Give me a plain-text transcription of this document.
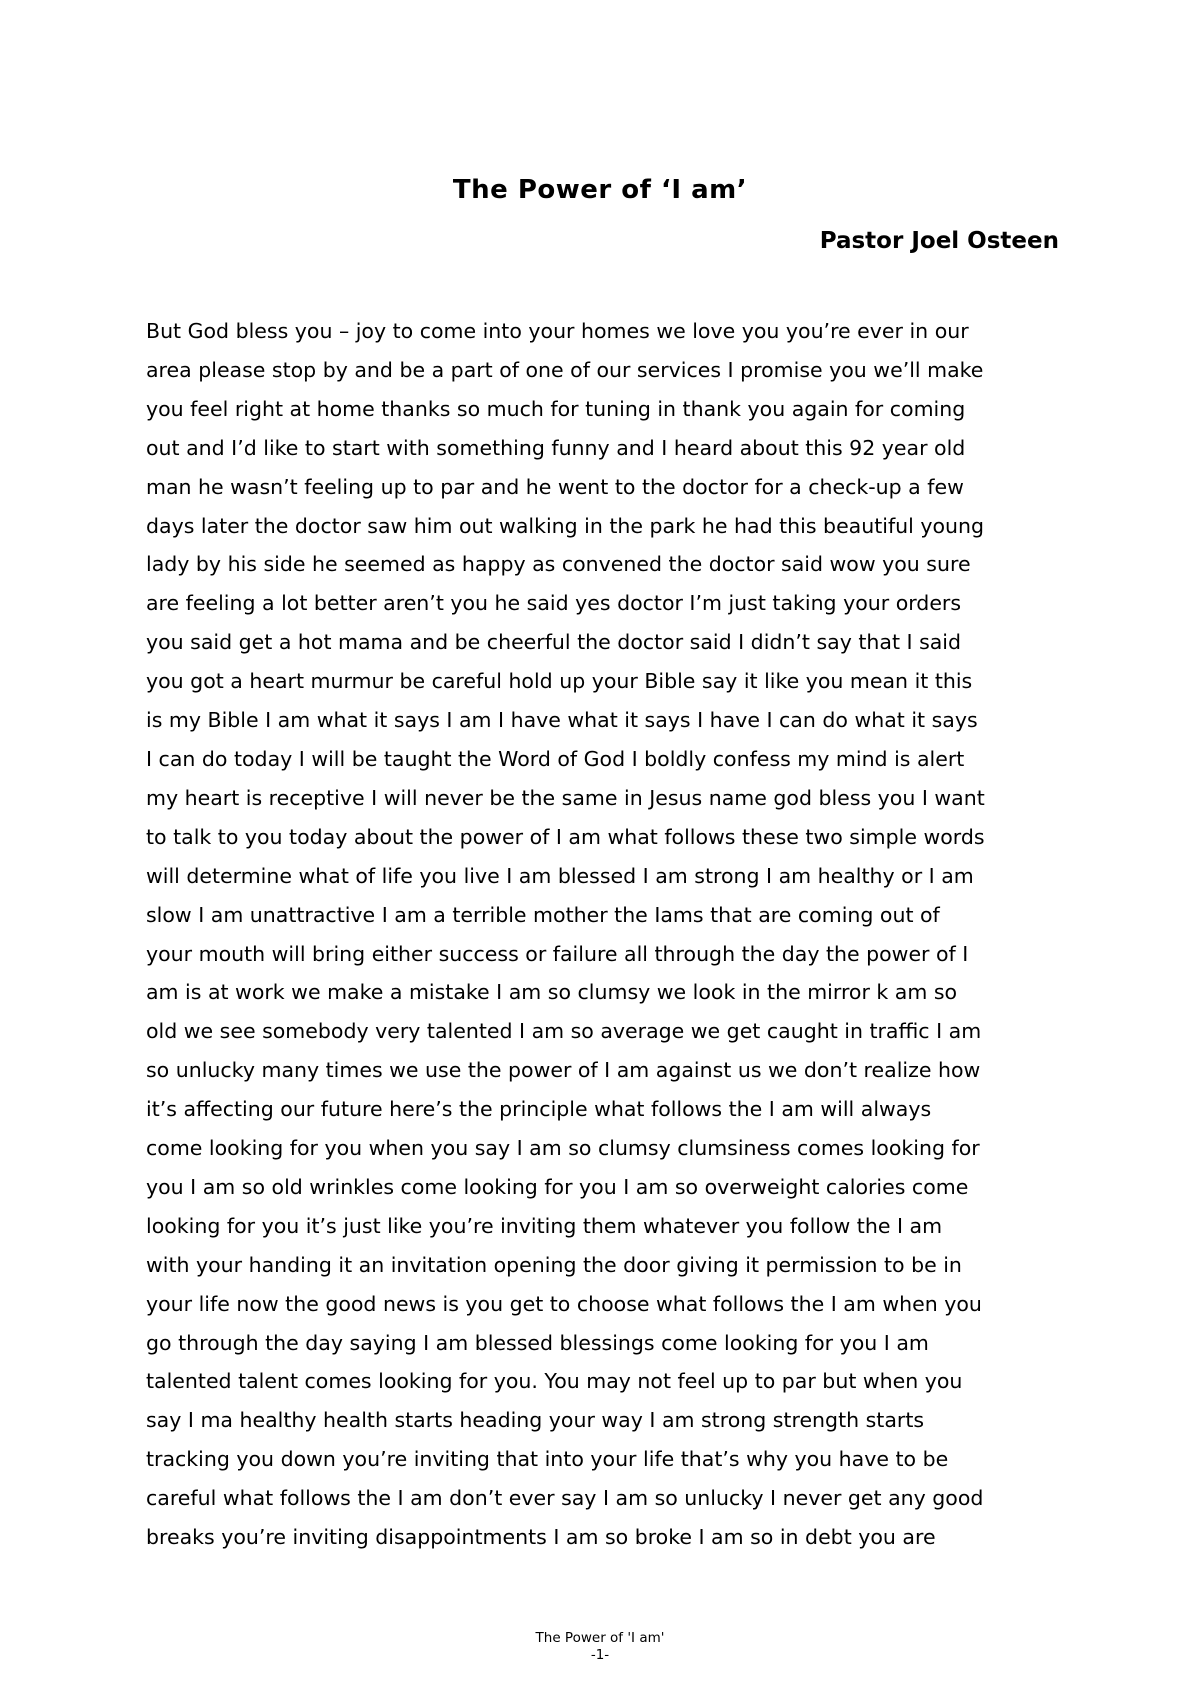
The Power of ‘I am’
Pastor Joel Osteen
But God bless you – joy to come into your homes we love you you’re ever in our
area please stop by and be a part of one of our services I promise you we’ll make
you feel right at home thanks so much for tuning in thank you again for coming
out and I’d like to start with something funny and I heard about this 92 year old
man he wasn’t feeling up to par and he went to the doctor for a check-up a few
days later the doctor saw him out walking in the park he had this beautiful young
lady by his side he seemed as happy as convened the doctor said wow you sure
are feeling a lot better aren’t you he said yes doctor I’m just taking your orders
you said get a hot mama and be cheerful the doctor said I didn’t say that I said
you got a heart murmur be careful hold up your Bible say it like you mean it this
is my Bible I am what it says I am I have what it says I have I can do what it says
I can do today I will be taught the Word of God I boldly confess my mind is alert
my heart is receptive I will never be the same in Jesus name god bless you I want
to talk to you today about the power of I am what follows these two simple words
will determine what of life you live I am blessed I am strong I am healthy or I am
slow I am unattractive I am a terrible mother the Iams that are coming out of
your mouth will bring either success or failure all through the day the power of I
am is at work we make a mistake I am so clumsy we look in the mirror k am so
old we see somebody very talented I am so average we get caught in traffic I am
so unlucky many times we use the power of I am against us we don’t realize how
it’s affecting our future here’s the principle what follows the I am will always
come looking for you when you say I am so clumsy clumsiness comes looking for
you I am so old wrinkles come looking for you I am so overweight calories come
looking for you it’s just like you’re inviting them whatever you follow the I am
with your handing it an invitation opening the door giving it permission to be in
your life now the good news is you get to choose what follows the I am when you
go through the day saying I am blessed blessings come looking for you I am
talented talent comes looking for you. You may not feel up to par but when you
say I ma healthy health starts heading your way I am strong strength starts
tracking you down you’re inviting that into your life that’s why you have to be
careful what follows the I am don’t ever say I am so unlucky I never get any good
breaks you’re inviting disappointments I am so broke I am so in debt you are
The Power of 'I am'
-1-
